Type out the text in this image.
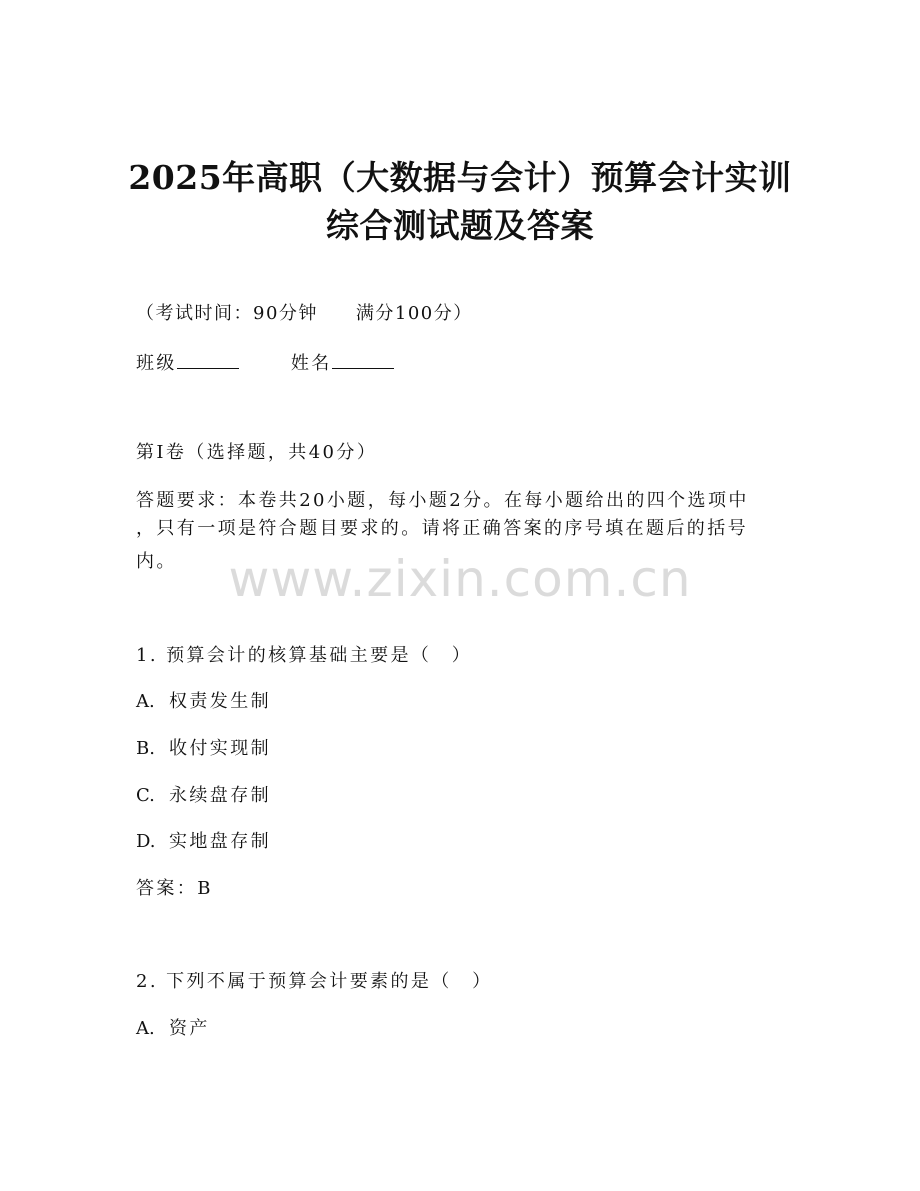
2025年高职（大数据与会计）预算会计实训
综合测试题及答案
（考试时间：90分钟 满分100分）
班级	姓名
第I卷（选择题，共40分）
答题要求：本卷共20小题，每小题2分。在每小题给出的四个选项中
，只有一项是符合题目要求的。请将正确答案的序号填在题后的括号
内。
1. 预算会计的核算基础主要是（　）
A. 权责发生制
B. 收付实现制
C. 永续盘存制
D. 实地盘存制
答案：B
2. 下列不属于预算会计要素的是（　）
A. 资产
www.zixin.com.cn
